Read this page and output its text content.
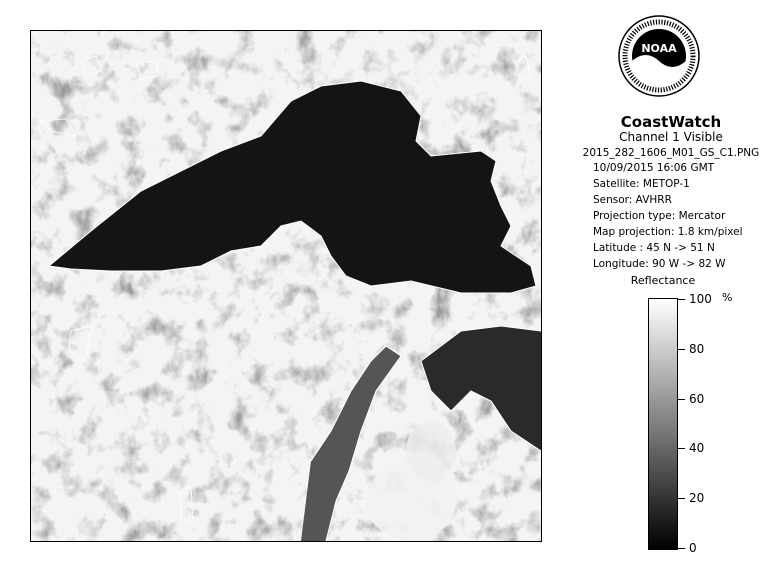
NOAA
CoastWatch
Channel 1 Visible
2015_282_1606_M01_GS_C1.PNG
10/09/2015 16:06 GMT
Satellite: METOP-1
Sensor: AVHRR
Projection type: Mercator
Map projection: 1.8 km/pixel
Latitude : 45 N -> 51 N
Longitude: 90 W -> 82 W
Reflectance
%
100
80
60
40
20
0
